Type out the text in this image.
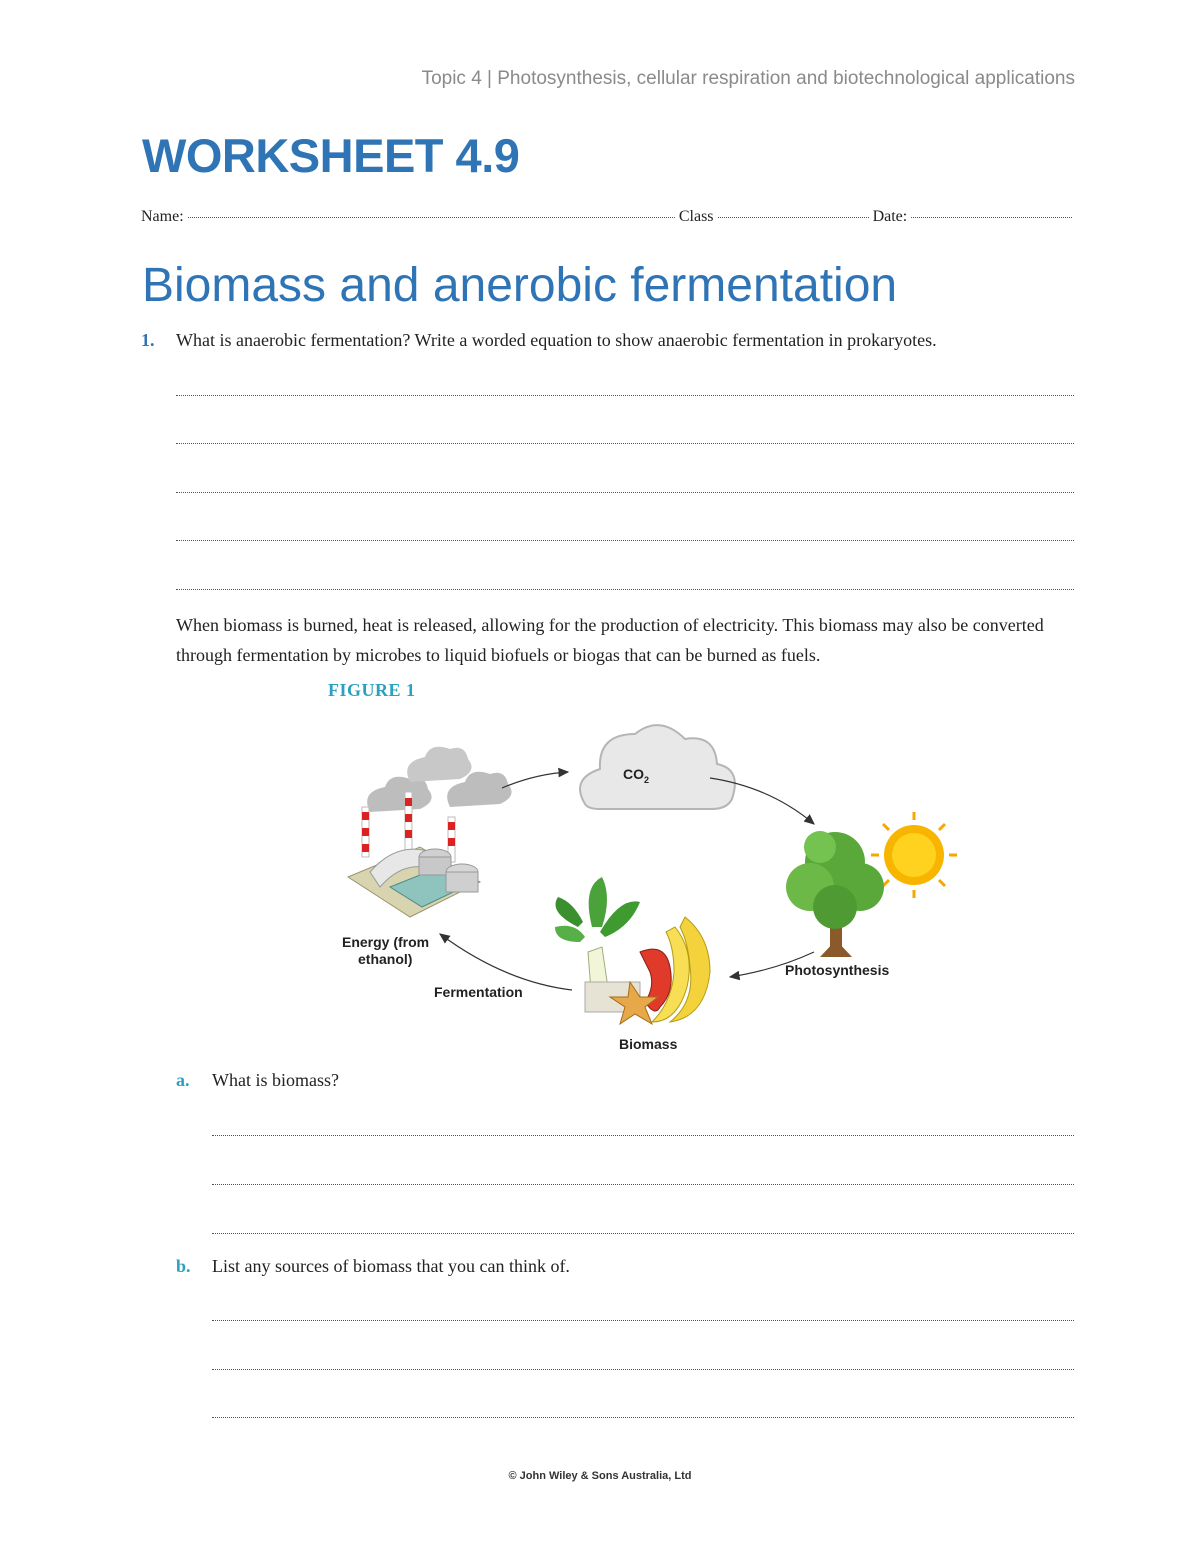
Topic 4 | Photosynthesis, cellular respiration and biotechnological applications
WORKSHEET 4.9
Name:	Class	Date:
Biomass and anerobic fermentation
1. What is anaerobic fermentation? Write a worded equation to show anaerobic fermentation in prokaryotes.
When biomass is burned, heat is released, allowing for the production of electricity. This biomass may also be converted through fermentation by microbes to liquid biofuels or biogas that can be burned as fuels.
FIGURE 1
$CO_2$
Energy (from
ethanol)
Fermentation
Photosynthesis
Biomass
a. What is biomass?
b. List any sources of biomass that you can think of.
© John Wiley & Sons Australia, Ltd
